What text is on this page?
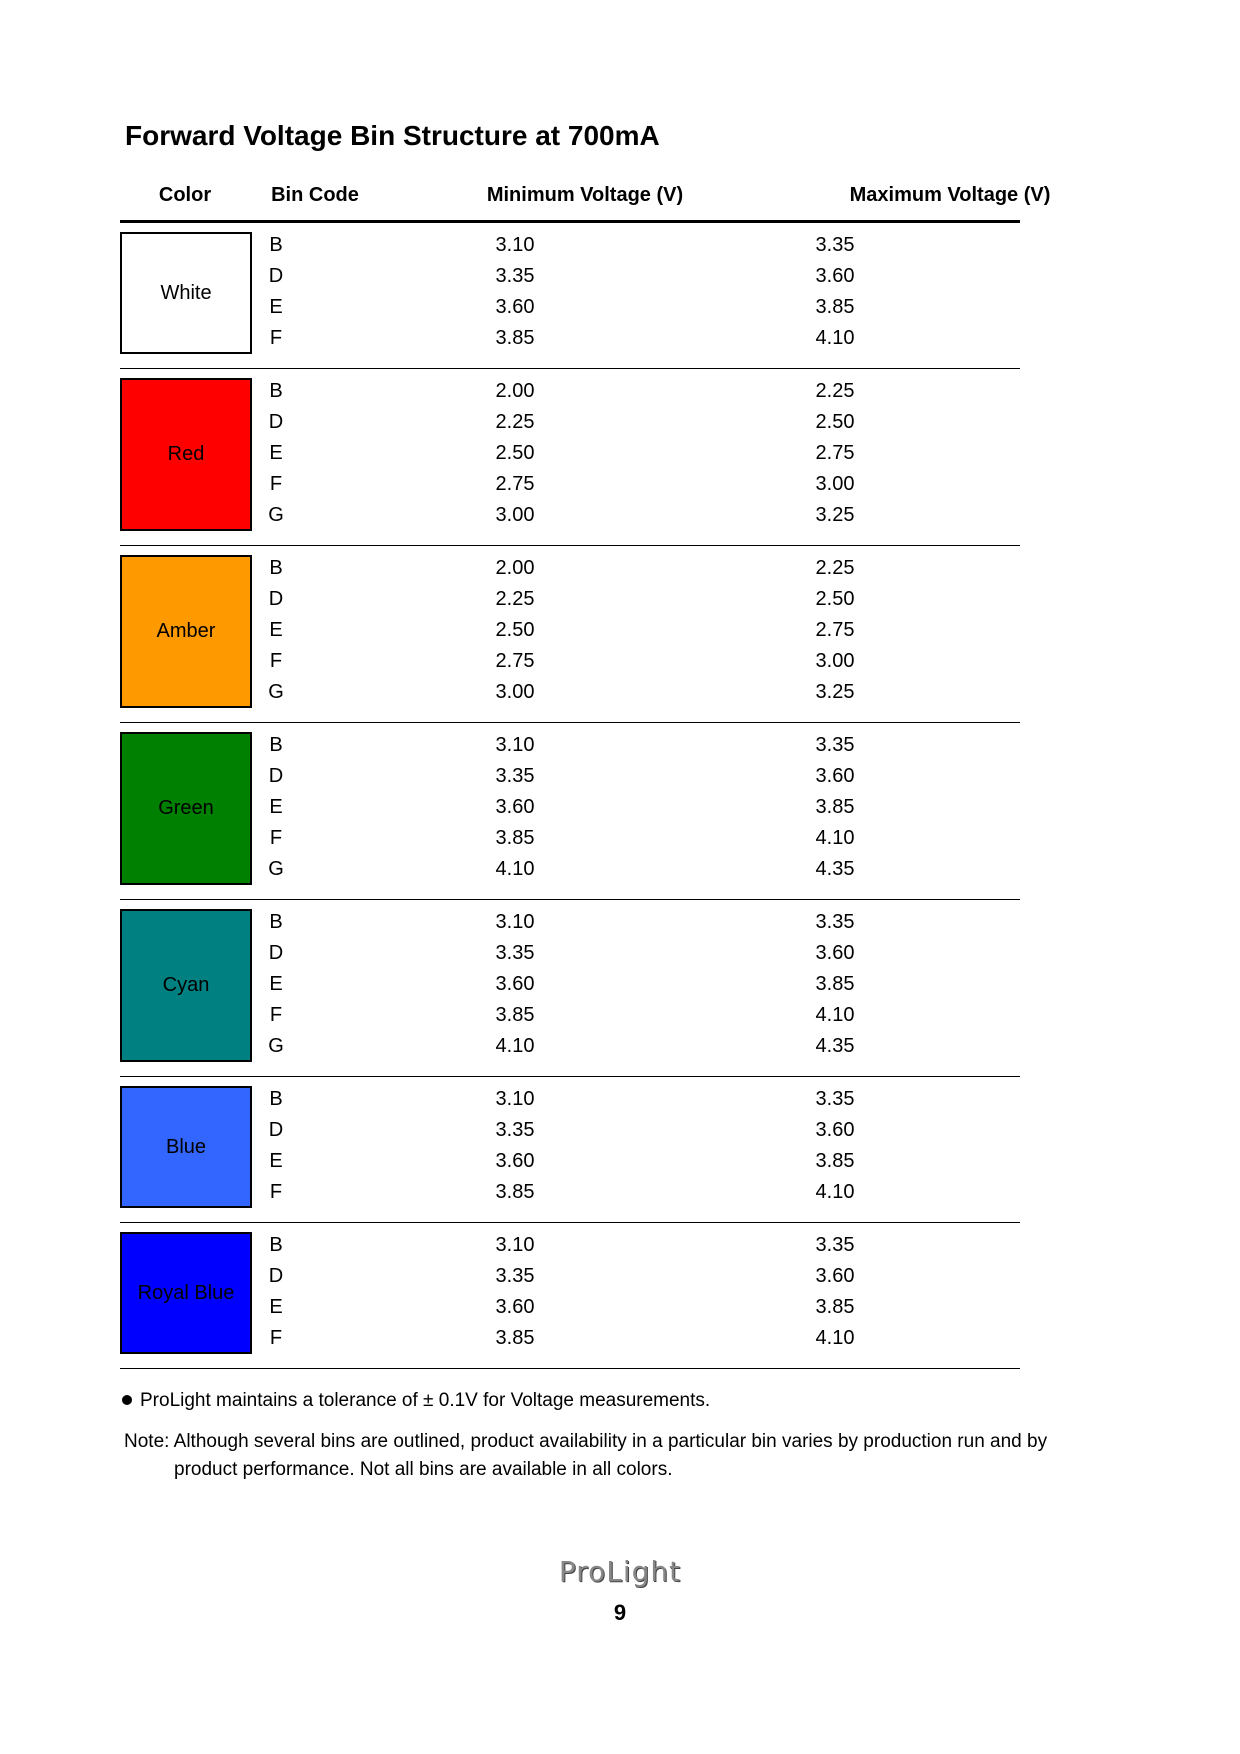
Forward Voltage Bin Structure at 700mA
Color	Bin Code	Minimum Voltage (V)	Maximum Voltage (V)
White
B	3.10	3.35
D	3.35	3.60
E	3.60	3.85
F	3.85	4.10
Red
B	2.00	2.25
D	2.25	2.50
E	2.50	2.75
F	2.75	3.00
G	3.00	3.25
Amber
B	2.00	2.25
D	2.25	2.50
E	2.50	2.75
F	2.75	3.00
G	3.00	3.25
Green
B	3.10	3.35
D	3.35	3.60
E	3.60	3.85
F	3.85	4.10
G	4.10	4.35
Cyan
B	3.10	3.35
D	3.35	3.60
E	3.60	3.85
F	3.85	4.10
G	4.10	4.35
Blue
B	3.10	3.35
D	3.35	3.60
E	3.60	3.85
F	3.85	4.10
Royal Blue
B	3.10	3.35
D	3.35	3.60
E	3.60	3.85
F	3.85	4.10
ProLight maintains a tolerance of ± 0.1V for Voltage measurements.
Note: Although several bins are outlined, product availability in a particular bin varies by production run and by product performance. Not all bins are available in all colors.
ProLight
9
